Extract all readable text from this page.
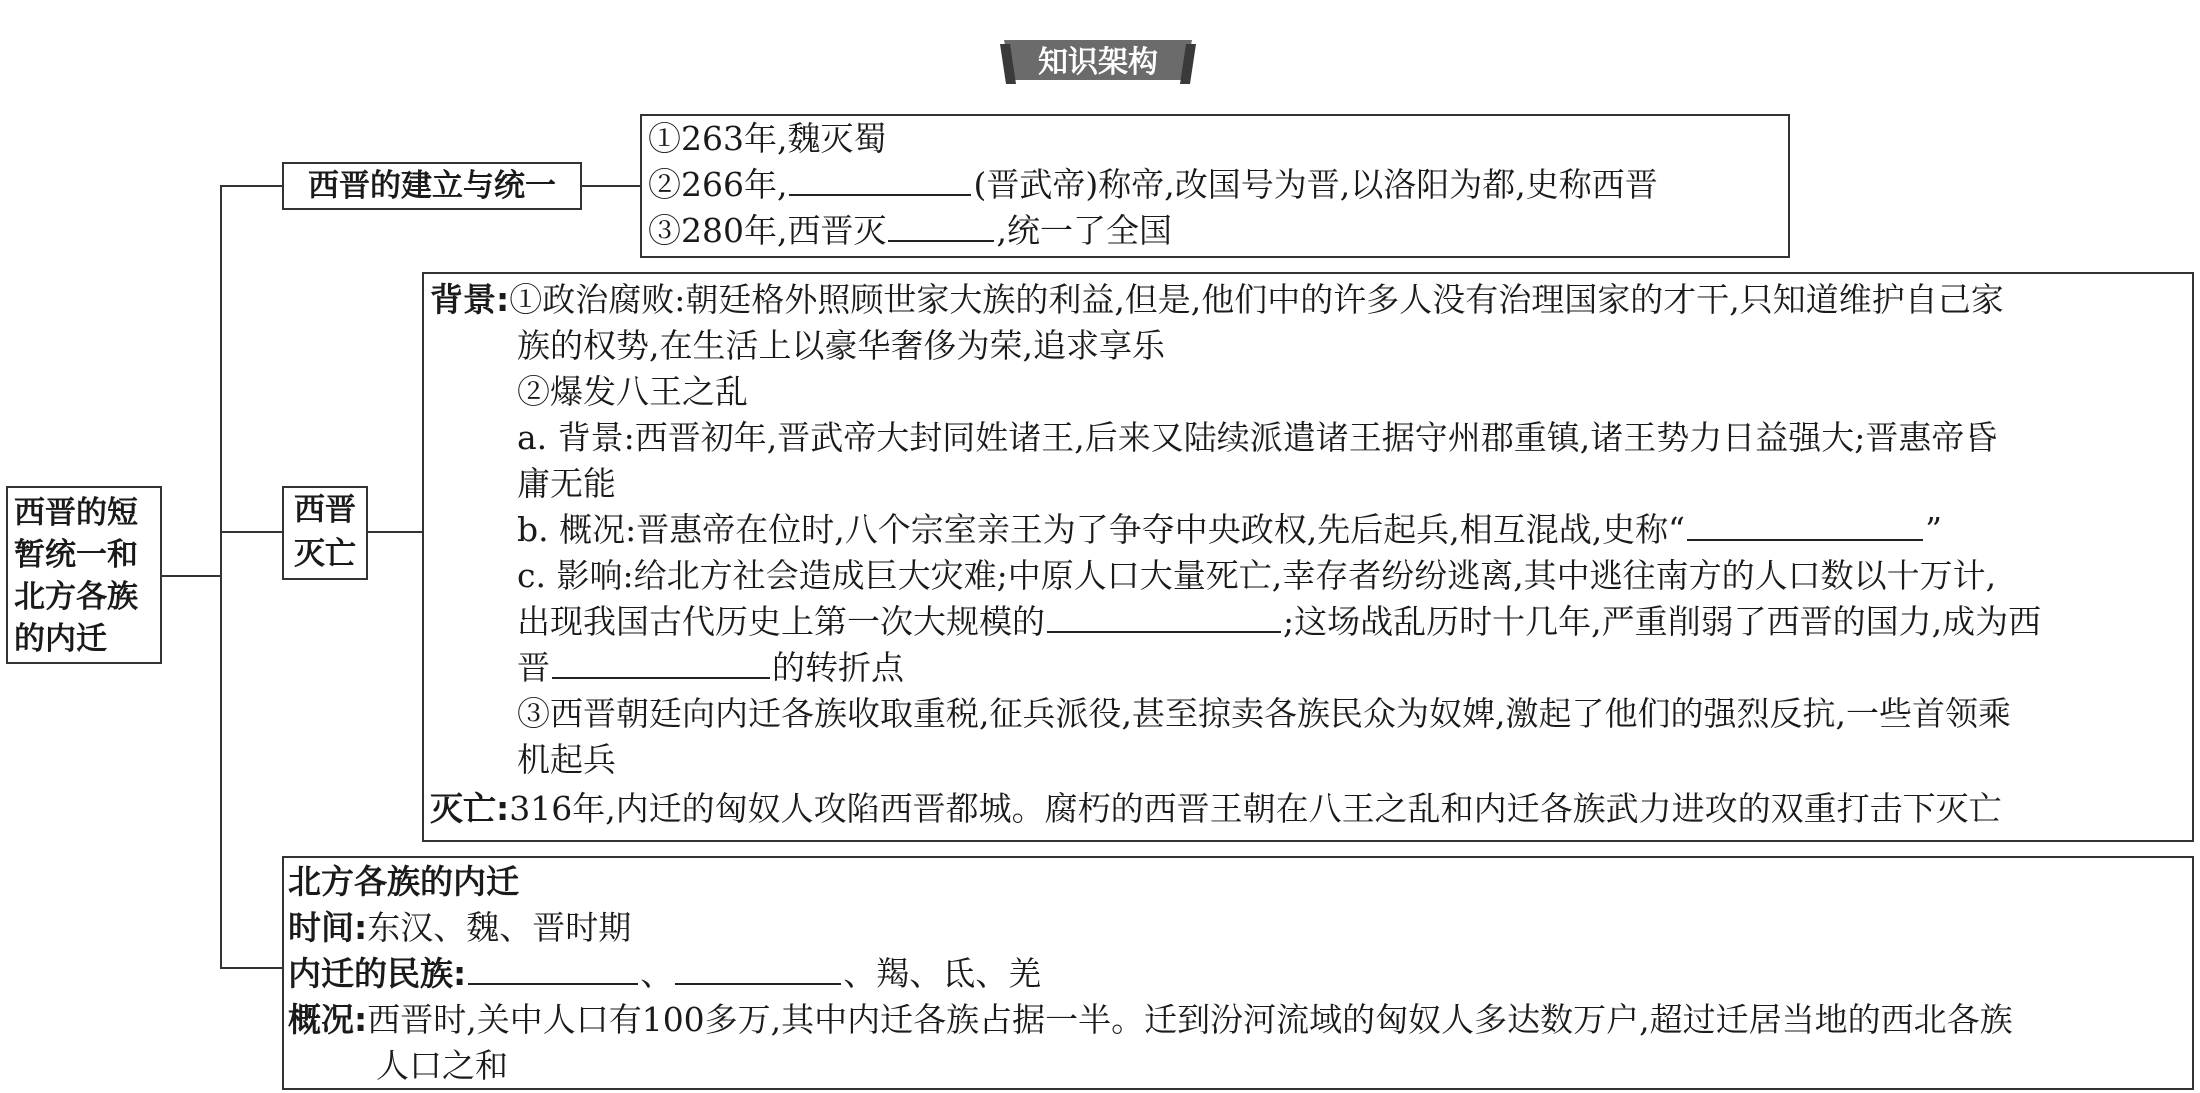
知识架构
西晋的短
暂统一和
北方各族
的内迁
西晋的建立与统一
①263年,魏灭蜀
②266年,	(晋武帝)称帝,改国号为晋,以洛阳为都,史称西晋
③280年,西晋灭	,统一了全国
西晋
灭亡
背景:①政治腐败:朝廷格外照顾世家大族的利益,但是,他们中的许多人没有治理国家的才干,只知道维护自己家
族的权势,在生活上以豪华奢侈为荣,追求享乐
②爆发八王之乱
a. 背景:西晋初年,晋武帝大封同姓诸王,后来又陆续派遣诸王据守州郡重镇,诸王势力日益强大;晋惠帝昏
庸无能
b. 概况:晋惠帝在位时,八个宗室亲王为了争夺中央政权,先后起兵,相互混战,史称“	”
c. 影响:给北方社会造成巨大灾难;中原人口大量死亡,幸存者纷纷逃离,其中逃往南方的人口数以十万计,
出现我国古代历史上第一次大规模的	;这场战乱历时十几年,严重削弱了西晋的国力,成为西
晋	的转折点
③西晋朝廷向内迁各族收取重税,征兵派役,甚至掠卖各族民众为奴婢,激起了他们的强烈反抗,一些首领乘
机起兵
灭亡:316年,内迁的匈奴人攻陷西晋都城。腐朽的西晋王朝在八王之乱和内迁各族武力进攻的双重打击下灭亡
北方各族的内迁
时间:东汉、魏、晋时期
内迁的民族:	、	、羯、氐、羌
概况:西晋时,关中人口有100多万,其中内迁各族占据一半。迁到汾河流域的匈奴人多达数万户,超过迁居当地的西北各族
人口之和
